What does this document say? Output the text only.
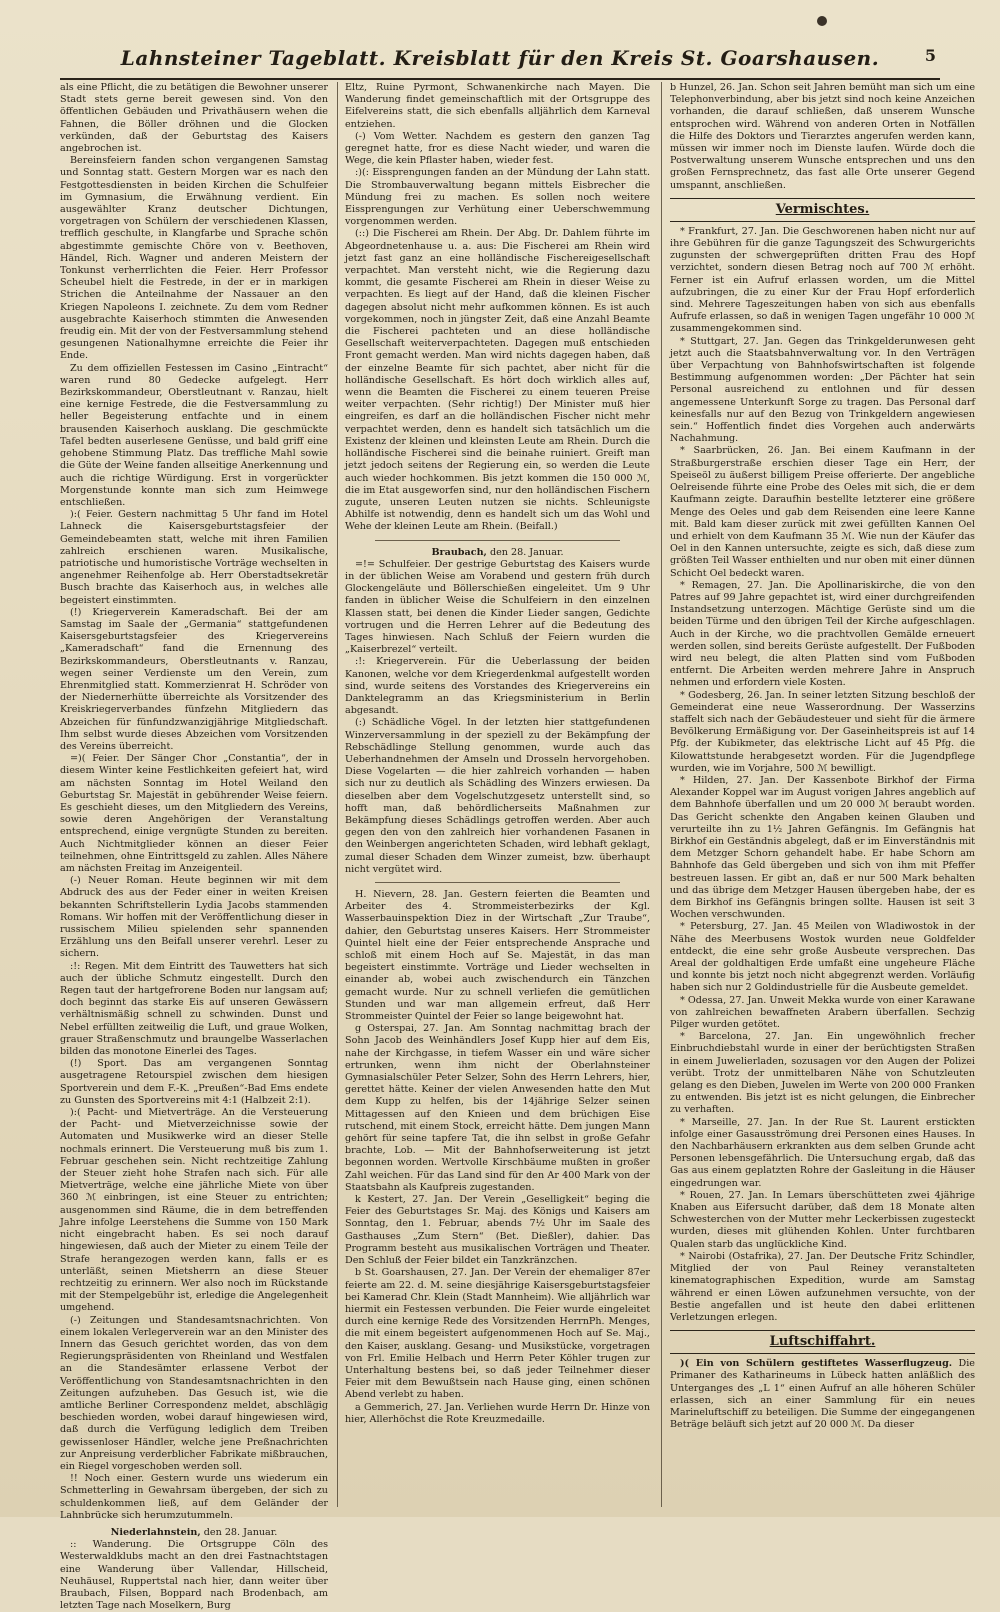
Lahnsteiner Tageblatt. Kreisblatt für den Kreis St. Goarshausen.	5

als eine Pflicht, die zu betätigen die Bewohner unserer Stadt stets gerne bereit gewesen sind. Von den öffentlichen Gebäuden und Privathäusern wehen die Fahnen, die Böller dröhnen und die Glocken verkünden, daß der Geburtstag des Kaisers angebrochen ist.

Bereinsfeiern fanden schon vergangenen Samstag und Sonntag statt. Gestern Morgen war es nach den Festgottesdiensten in beiden Kirchen die Schulfeier im Gymnasium, die Erwähnung verdient. Ein ausgewählter Kranz deutscher Dichtungen, vorgetragen von Schülern der verschiedenen Klassen, trefflich geschulte, in Klangfarbe und Sprache schön abgestimmte gemischte Chöre von v. Beethoven, Händel, Rich. Wagner und anderen Meistern der Tonkunst verherrlichten die Feier. Herr Professor Scheubel hielt die Festrede, in der er in markigen Strichen die Anteilnahme der Nassauer an den Kriegen Napoleons I. zeichnete. Zu dem vom Redner ausgebrachte Kaiserhoch stimmten die Anwesenden freudig ein. Mit der von der Festversammlung stehend gesungenen Nationalhymne erreichte die Feier ihr Ende.

Zu dem offiziellen Festessen im Casino „Eintracht“ waren rund 80 Gedecke aufgelegt. Herr Bezirkskommandeur, Oberstleutnant v. Ranzau, hielt eine kernige Festrede, die die Festversammlung zu heller Begeisterung entfachte und in einem brausenden Kaiserhoch ausklang. Die geschmückte Tafel bedten auserlesene Genüsse, und bald griff eine gehobene Stimmung Platz. Das treffliche Mahl sowie die Güte der Weine fanden allseitige Anerkennung und auch die richtige Würdigung. Erst in vorgerückter Morgenstunde konnte man sich zum Heimwege entschließen.

):( Feier. Gestern nachmittag 5 Uhr fand im Hotel Lahneck die Kaisersgeburtstagsfeier der Gemeindebeamten statt, welche mit ihren Familien zahlreich erschienen waren. Musikalische, patriotische und humoristische Vorträge wechselten in angenehmer Reihenfolge ab. Herr Oberstadtsekretär Busch brachte das Kaiserhoch aus, in welches alle begeistert einstimmten.

(!) Kriegerverein Kameradschaft. Bei der am Samstag im Saale der „Germania“ stattgefundenen Kaisersgeburtstagsfeier des Kriegervereins „Kameradschaft“ fand die Ernennung des Bezirkskommandeurs, Oberstleutnants v. Ranzau, wegen seiner Verdienste um den Verein, zum Ehrenmitglied statt. Kommerzienrat H. Schröder von der Niedernerhütte überreichte als Vorsitzender des Kreiskriegerverbandes fünfzehn Mitgliedern das Abzeichen für fünfundzwanzigjährige Mitgliedschaft. Ihm selbst wurde dieses Abzeichen vom Vorsitzenden des Vereins überreicht.

=)( Feier. Der Sänger Chor „Constantia“, der in diesem Winter keine Festlichkeiten gefeiert hat, wird am nächsten Sonntag im Hotel Weiland den Geburtstag Sr. Majestät in gebührender Weise feiern. Es geschieht dieses, um den Mitgliedern des Vereins, sowie deren Angehörigen der Veranstaltung entsprechend, einige vergnügte Stunden zu bereiten. Auch Nichtmitglieder können an dieser Feier teilnehmen, ohne Eintrittsgeld zu zahlen. Alles Nähere am nächsten Freitag im Anzeigenteil.

(-) Neuer Roman. Heute beginnen wir mit dem Abdruck des aus der Feder einer in weiten Kreisen bekannten Schriftstellerin Lydia Jacobs stammenden Romans. Wir hoffen mit der Veröffentlichung dieser in russischem Milieu spielenden sehr spannenden Erzählung uns den Beifall unserer verehrl. Leser zu sichern.

:!: Regen. Mit dem Eintritt des Tauwetters hat sich auch der übliche Schmutz eingestellt. Durch den Regen taut der hartgefrorene Boden nur langsam auf; doch beginnt das starke Eis auf unseren Gewässern verhältnismäßig schnell zu schwinden. Dunst und Nebel erfüllten zeitweilig die Luft, und graue Wolken, grauer Straßenschmutz und braungelbe Wasserlachen bilden das monotone Einerlei des Tages.

(!) Sport. Das am vergangenen Sonntag ausgetragene Retourspiel zwischen dem hiesigen Sportverein und dem F.-K. „Preußen“-Bad Ems endete zu Gunsten des Sportvereins mit 4:1 (Halbzeit 2:1).

):( Pacht- und Mietverträge. An die Versteuerung der Pacht- und Mietverzeichnisse sowie der Automaten und Musikwerke wird an dieser Stelle nochmals erinnert. Die Versteuerung muß bis zum 1. Februar geschehen sein. Nicht rechtzeitige Zahlung der Steuer zieht hohe Strafen nach sich. Für alle Mietverträge, welche eine jährliche Miete von über 360 ℳ einbringen, ist eine Steuer zu entrichten; ausgenommen sind Räume, die in dem betreffenden Jahre infolge Leerstehens die Summe von 150 Mark nicht eingebracht haben. Es sei noch darauf hingewiesen, daß auch der Mieter zu einem Teile der Strafe herangezogen werden kann, falls er es unterläßt, seinen Mietsherrn an diese Steuer rechtzeitig zu erinnern. Wer also noch im Rückstande mit der Stempelgebühr ist, erledige die Angelegenheit umgehend.

(-) Zeitungen und Standesamtsnachrichten. Von einem lokalen Verlegerverein war an den Minister des Innern das Gesuch gerichtet worden, das von dem Regierungspräsidenten von Rheinland und Westfalen an die Standesämter erlassene Verbot der Veröffentlichung von Standesamtsnachrichten in den Zeitungen aufzuheben. Das Gesuch ist, wie die amtliche Berliner Correspondenz meldet, abschlägig beschieden worden, wobei darauf hingewiesen wird, daß durch die Verfügung lediglich dem Treiben gewissenloser Händler, welche jene Preßnachrichten zur Anpreisung verderblicher Fabrikate mißbrauchen, ein Riegel vorgeschoben werden soll.

!! Noch einer. Gestern wurde uns wiederum ein Schmetterling in Gewahrsam übergeben, der sich zu schuldenkommen ließ, auf dem Geländer der Lahnbrücke sich herumzutummeln.

Niederlahnstein, den 28. Januar.

:: Wanderung. Die Ortsgruppe Cöln des Westerwaldklubs macht an den drei Fastnachtstagen eine Wanderung über Vallendar, Hillscheid, Neuhäusel, Ruppertstal nach hier, dann weiter über Braubach, Filsen, Boppard nach Brodenbach, am letzten Tage nach Moselkern, Burg

Eltz, Ruine Pyrmont, Schwanenkirche nach Mayen. Die Wanderung findet gemeinschaftlich mit der Ortsgruppe des Eifelvereins statt, die sich ebenfalls alljährlich dem Karneval entziehen.

(-) Vom Wetter. Nachdem es gestern den ganzen Tag geregnet hatte, fror es diese Nacht wieder, und waren die Wege, die kein Pflaster haben, wieder fest.

:)(: Eissprengungen fanden an der Mündung der Lahn statt. Die Strombauverwaltung begann mittels Eisbrecher die Mündung frei zu machen. Es sollen noch weitere Eissprengungen zur Verhütung einer Ueberschwemmung vorgenommen werden.

(::) Die Fischerei am Rhein. Der Abg. Dr. Dahlem führte im Abgeordnetenhause u. a. aus: Die Fischerei am Rhein wird jetzt fast ganz an eine holländische Fischereigesellschaft verpachtet. Man versteht nicht, wie die Regierung dazu kommt, die gesamte Fischerei am Rhein in dieser Weise zu verpachten. Es liegt auf der Hand, daß die kleinen Fischer dagegen absolut nicht mehr aufkommen können. Es ist auch vorgekommen, noch in jüngster Zeit, daß eine Anzahl Beamte die Fischerei pachteten und an diese holländische Gesellschaft weiterverpachteten. Dagegen muß entschieden Front gemacht werden. Man wird nichts dagegen haben, daß der einzelne Beamte für sich pachtet, aber nicht für die holländische Gesellschaft. Es hört doch wirklich alles auf, wenn die Beamten die Fischerei zu einem teueren Preise weiter verpachten. (Sehr richtig!) Der Minister muß hier eingreifen, es darf an die holländischen Fischer nicht mehr verpachtet werden, denn es handelt sich tatsächlich um die Existenz der kleinen und kleinsten Leute am Rhein. Durch die holländische Fischerei sind die beinahe ruiniert. Greift man jetzt jedoch seitens der Regierung ein, so werden die Leute auch wieder hochkommen. Bis jetzt kommen die 150 000 ℳ, die im Etat ausgeworfen sind, nur den holländischen Fischern zugute, unseren Leuten nutzen sie nichts. Schleunigste Abhilfe ist notwendig, denn es handelt sich um das Wohl und Wehe der kleinen Leute am Rhein. (Beifall.)

Braubach, den 28. Januar.

=!= Schulfeier. Der gestrige Geburtstag des Kaisers wurde in der üblichen Weise am Vorabend und gestern früh durch Glockengeläute und Böllerschießen eingeleitet. Um 9 Uhr fanden in üblicher Weise die Schulfeiern in den einzelnen Klassen statt, bei denen die Kinder Lieder sangen, Gedichte vortrugen und die Herren Lehrer auf die Bedeutung des Tages hinwiesen. Nach Schluß der Feiern wurden die „Kaiserbrezel“ verteilt.

:!: Kriegerverein. Für die Ueberlassung der beiden Kanonen, welche vor dem Kriegerdenkmal aufgestellt worden sind, wurde seitens des Vorstandes des Kriegervereins ein Danktelegramm an das Kriegsministerium in Berlin abgesandt.

(:) Schädliche Vögel. In der letzten hier stattgefundenen Winzerversammlung in der speziell zu der Bekämpfung der Rebschädlinge Stellung genommen, wurde auch das Ueberhandnehmen der Amseln und Drosseln hervorgehoben. Diese Vogelarten — die hier zahlreich vorhanden — haben sich nur zu deutlich als Schädling des Winzers erwiesen. Da dieselben aber dem Vogelschutzgesetz unterstellt sind, so hofft man, daß behördlicherseits Maßnahmen zur Bekämpfung dieses Schädlings getroffen werden. Aber auch gegen den von den zahlreich hier vorhandenen Fasanen in den Weinbergen angerichteten Schaden, wird lebhaft geklagt, zumal dieser Schaden dem Winzer zumeist, bzw. überhaupt nicht vergütet wird.

H. Nievern, 28. Jan. Gestern feierten die Beamten und Arbeiter des 4. Strommeisterbezirks der Kgl. Wasserbauinspektion Diez in der Wirtschaft „Zur Traube“, dahier, den Geburtstag unseres Kaisers. Herr Strommeister Quintel hielt eine der Feier entsprechende Ansprache und schloß mit einem Hoch auf Se. Majestät, in das man begeistert einstimmte. Vorträge und Lieder wechselten in einander ab, wobei auch zwischendurch ein Tänzchen gemacht wurde. Nur zu schnell verliefen die gemütlichen Stunden und war man allgemein erfreut, daß Herr Strommeister Quintel der Feier so lange beigewohnt hat.

g Osterspai, 27. Jan. Am Sonntag nachmittag brach der Sohn Jacob des Weinhändlers Josef Kupp hier auf dem Eis, nahe der Kirchgasse, in tiefem Wasser ein und wäre sicher ertrunken, wenn ihm nicht der Oberlahnsteiner Gymnasialschüler Peter Selzer, Sohn des Herrn Lehrers, hier, gerettet hätte. Keiner der vielen Anwesenden hatte den Mut dem Kupp zu helfen, bis der 14jährige Selzer seinen Mittagessen auf den Knieen und dem brüchigen Eise rutschend, mit einem Stock, erreicht hätte. Dem jungen Mann gehört für seine tapfere Tat, die ihn selbst in große Gefahr brachte, Lob. — Mit der Bahnhofserweiterung ist jetzt begonnen worden. Wertvolle Kirschbäume mußten in großer Zahl weichen. Für das Land sind für den Ar 400 Mark von der Staatsbahn als Kaufpreis zugestanden.

k Kestert, 27. Jan. Der Verein „Geselligkeit“ beging die Feier des Geburtstages Sr. Maj. des Königs und Kaisers am Sonntag, den 1. Februar, abends 7½ Uhr im Saale des Gasthauses „Zum Stern“ (Bet. Dießler), dahier. Das Programm besteht aus musikalischen Vorträgen und Theater. Den Schluß der Feier bildet ein Tanzkränzchen.

b St. Goarshausen, 27. Jan. Der Verein der ehemaliger 87er feierte am 22. d. M. seine diesjährige Kaisersgeburtstagsfeier bei Kamerad Chr. Klein (Stadt Mannheim). Wie alljährlich war hiermit ein Festessen verbunden. Die Feier wurde eingeleitet durch eine kernige Rede des Vorsitzenden HerrnPh. Menges, die mit einem begeistert aufgenommenen Hoch auf Se. Maj., den Kaiser, ausklang. Gesang- und Musikstücke, vorgetragen von Frl. Emilie Helbach und Herrn Peter Köhler trugen zur Unterhaltung bestens bei, so daß jeder Teilnehmer dieser Feier mit dem Bewußtsein nach Hause ging, einen schönen Abend verlebt zu haben.

a Gemmerich, 27. Jan. Verliehen wurde Herrn Dr. Hinze von hier, Allerhöchst die Rote Kreuzmedaille.

b Hunzel, 26. Jan. Schon seit Jahren bemüht man sich um eine Telephonverbindung, aber bis jetzt sind noch keine Anzeichen vorhanden, die darauf schließen, daß unserem Wunsche entsprochen wird. Während von anderen Orten in Notfällen die Hilfe des Doktors und Tierarztes angerufen werden kann, müssen wir immer noch im Dienste laufen. Würde doch die Postverwaltung unserem Wunsche entsprechen und uns den großen Fernsprechnetz, das fast alle Orte unserer Gegend umspannt, anschließen.

Vermischtes.

* Frankfurt, 27. Jan. Die Geschworenen haben nicht nur auf ihre Gebühren für die ganze Tagungszeit des Schwurgerichts zugunsten der schwergeprüften dritten Frau des Hopf verzichtet, sondern diesen Betrag noch auf 700 ℳ erhöht. Ferner ist ein Aufruf erlassen worden, um die Mittel aufzubringen, die zu einer Kur der Frau Hopf erforderlich sind. Mehrere Tageszeitungen haben von sich aus ebenfalls Aufrufe erlassen, so daß in wenigen Tagen ungefähr 10 000 ℳ zusammengekommen sind.

* Stuttgart, 27. Jan. Gegen das Trinkgelderunwesen geht jetzt auch die Staatsbahnverwaltung vor. In den Verträgen über Verpachtung von Bahnhofswirtschaften ist folgende Bestimmung aufgenommen worden: „Der Pächter hat sein Personal ausreichend zu entlohnen und für dessen angemessene Unterkunft Sorge zu tragen. Das Personal darf keinesfalls nur auf den Bezug von Trinkgeldern angewiesen sein.“ Hoffentlich findet dies Vorgehen auch anderwärts Nachahmung.

* Saarbrücken, 26. Jan. Bei einem Kaufmann in der Straßburgerstraße erschien dieser Tage ein Herr, der Speiseöl zu äußerst billigem Preise offerierte. Der angebliche Oelreisende führte eine Probe des Oeles mit sich, die er dem Kaufmann zeigte. Daraufhin bestellte letzterer eine größere Menge des Oeles und gab dem Reisenden eine leere Kanne mit. Bald kam dieser zurück mit zwei gefüllten Kannen Oel und erhielt von dem Kaufmann 35 ℳ. Wie nun der Käufer das Oel in den Kannen untersuchte, zeigte es sich, daß diese zum größten Teil Wasser enthielten und nur oben mit einer dünnen Schicht Oel bedeckt waren.

* Remagen, 27. Jan. Die Apollinariskirche, die von den Patres auf 99 Jahre gepachtet ist, wird einer durchgreifenden Instandsetzung unterzogen. Mächtige Gerüste sind um die beiden Türme und den übrigen Teil der Kirche aufgeschlagen. Auch in der Kirche, wo die prachtvollen Gemälde erneuert werden sollen, sind bereits Gerüste aufgestellt. Der Fußboden wird neu belegt, die alten Platten sind vom Fußboden entfernt. Die Arbeiten werden mehrere Jahre in Anspruch nehmen und erfordern viele Kosten.

* Godesberg, 26. Jan. In seiner letzten Sitzung beschloß der Gemeinderat eine neue Wasserordnung. Der Wasserzins staffelt sich nach der Gebäudesteuer und sieht für die ärmere Bevölkerung Ermäßigung vor. Der Gaseinheitspreis ist auf 14 Pfg. der Kubikmeter, das elektrische Licht auf 45 Pfg. die Kilowattstunde herabgesetzt worden. Für die Jugendpflege wurden, wie im Vorjahre, 500 ℳ bewilligt.

* Hilden, 27. Jan. Der Kassenbote Birkhof der Firma Alexander Koppel war im August vorigen Jahres angeblich auf dem Bahnhofe überfallen und um 20 000 ℳ beraubt worden. Das Gericht schenkte den Angaben keinen Glauben und verurteilte ihn zu 1½ Jahren Gefängnis. Im Gefängnis hat Birkhof ein Geständnis abgelegt, daß er im Einverständnis mit dem Metzger Schorn gehandelt habe. Er habe Schorn am Bahnhofe das Geld übergeben und sich von ihm mit Pfeffer bestreuen lassen. Er gibt an, daß er nur 500 Mark behalten und das übrige dem Metzger Hausen übergeben habe, der es dem Birkhof ins Gefängnis bringen sollte. Hausen ist seit 3 Wochen verschwunden.

* Petersburg, 27. Jan. 45 Meilen von Wladiwostok in der Nähe des Meerbusens Wostok wurden neue Goldfelder entdeckt, die eine sehr große Ausbeute versprechen. Das Areal der goldhaltigen Erde umfaßt eine ungeheure Fläche und konnte bis jetzt noch nicht abgegrenzt werden. Vorläufig haben sich nur 2 Goldindustrielle für die Ausbeute gemeldet.

* Odessa, 27. Jan. Unweit Mekka wurde von einer Karawane von zahlreichen bewaffneten Arabern überfallen. Sechzig Pilger wurden getötet.

* Barcelona, 27. Jan. Ein ungewöhnlich frecher Einbruchdiebstahl wurde in einer der berüchtigsten Straßen in einem Juwelierladen, sozusagen vor den Augen der Polizei verübt. Trotz der unmittelbaren Nähe von Schutzleuten gelang es den Dieben, Juwelen im Werte von 200 000 Franken zu entwenden. Bis jetzt ist es nicht gelungen, die Einbrecher zu verhaften.

* Marseille, 27. Jan. In der Rue St. Laurent erstickten infolge einer Gasausströmung drei Personen eines Hauses. In den Nachbarhäusern erkrankten aus dem selben Grunde acht Personen lebensgefährlich. Die Untersuchung ergab, daß das Gas aus einem geplatzten Rohre der Gasleitung in die Häuser eingedrungen war.

* Rouen, 27. Jan. In Lemars überschütteten zwei 4jährige Knaben aus Eifersucht darüber, daß dem 18 Monate alten Schwesterchen von der Mutter mehr Leckerbissen zugesteckt wurden, dieses mit glühenden Kohlen. Unter furchtbaren Qualen starb das unglückliche Kind.

* Nairobi (Ostafrika), 27. Jan. Der Deutsche Fritz Schindler, Mitglied der von Paul Reiney veranstalteten kinematographischen Expedition, wurde am Samstag während er einen Löwen aufzunehmen versuchte, von der Bestie angefallen und ist heute den dabei erlittenen Verletzungen erlegen.

Luftschiffahrt.

)( Ein von Schülern gestiftetes Wasserflugzeug. Die Primaner des Katharineums in Lübeck hatten anläßlich des Unterganges des „L 1“ einen Aufruf an alle höheren Schüler erlassen, sich an einer Sammlung für ein neues Marineluftschiff zu beteiligen. Die Summe der eingegangenen Beträge beläuft sich jetzt auf 20 000 ℳ. Da dieser
